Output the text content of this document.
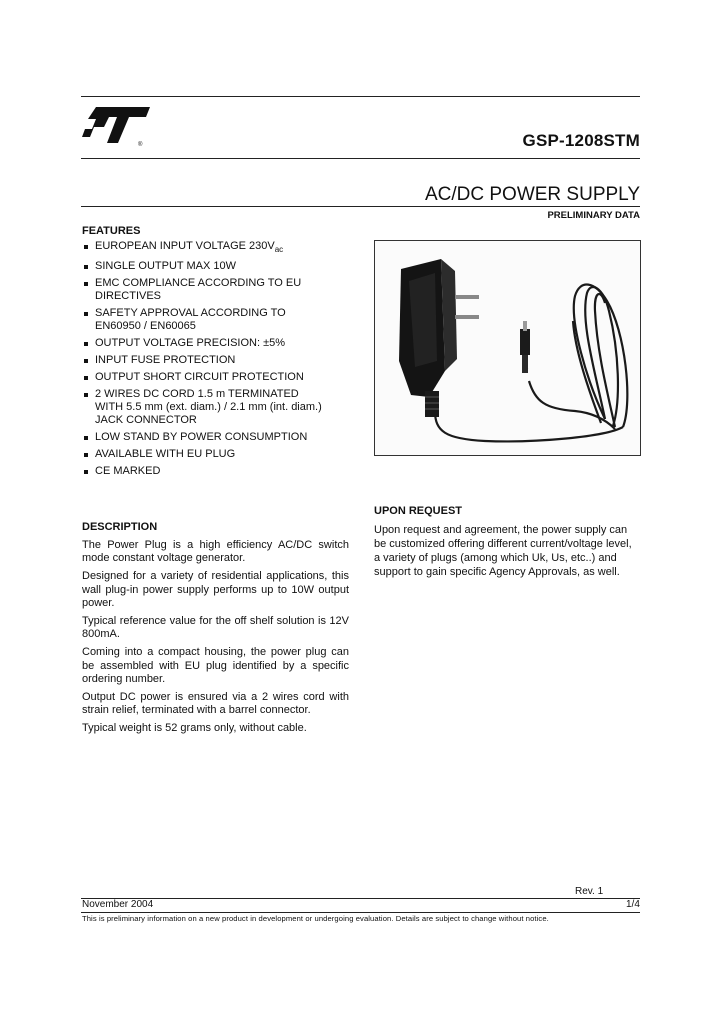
®	GSP-1208STM
AC/DC POWER SUPPLY
PRELIMINARY DATA
FEATURES
EUROPEAN INPUT VOLTAGE $230V_{ac}$
SINGLE OUTPUT MAX 10W
EMC COMPLIANCE ACCORDING TO EU
DIRECTIVES
SAFETY APPROVAL ACCORDING TO
EN60950 / EN60065
OUTPUT VOLTAGE PRECISION: ±5%
INPUT FUSE PROTECTION
OUTPUT SHORT CIRCUIT PROTECTION
2 WIRES DC CORD 1.5 m TERMINATED
WITH 5.5 mm (ext. diam.) / 2.1 mm (int. diam.)
JACK CONNECTOR
LOW STAND BY POWER CONSUMPTION
AVAILABLE WITH EU PLUG
CE MARKED
DESCRIPTION

The Power Plug is a high efficiency AC/DC switch mode constant voltage generator.

Designed for a variety of residential applications, this wall plug-in power supply performs up to 10W output power.

Typical reference value for the off shelf solution is 12V 800mA.

Coming into a compact housing, the power plug can be assembled with EU plug identified by a specific ordering number.

Output DC power is ensured via a 2 wires cord with strain relief, terminated with a barrel connector.

Typical weight is 52 grams only, without cable.

UPON REQUEST
Upon request and agreement, the power supply can be customized offering different current/voltage level, a variety of plugs (among which Uk, Us, etc..) and support to gain specific Agency Approvals, as well.
Rev. 1
November 2004	1/4
This is preliminary information on a new product in development or undergoing evaluation. Details are subject to change without notice.
